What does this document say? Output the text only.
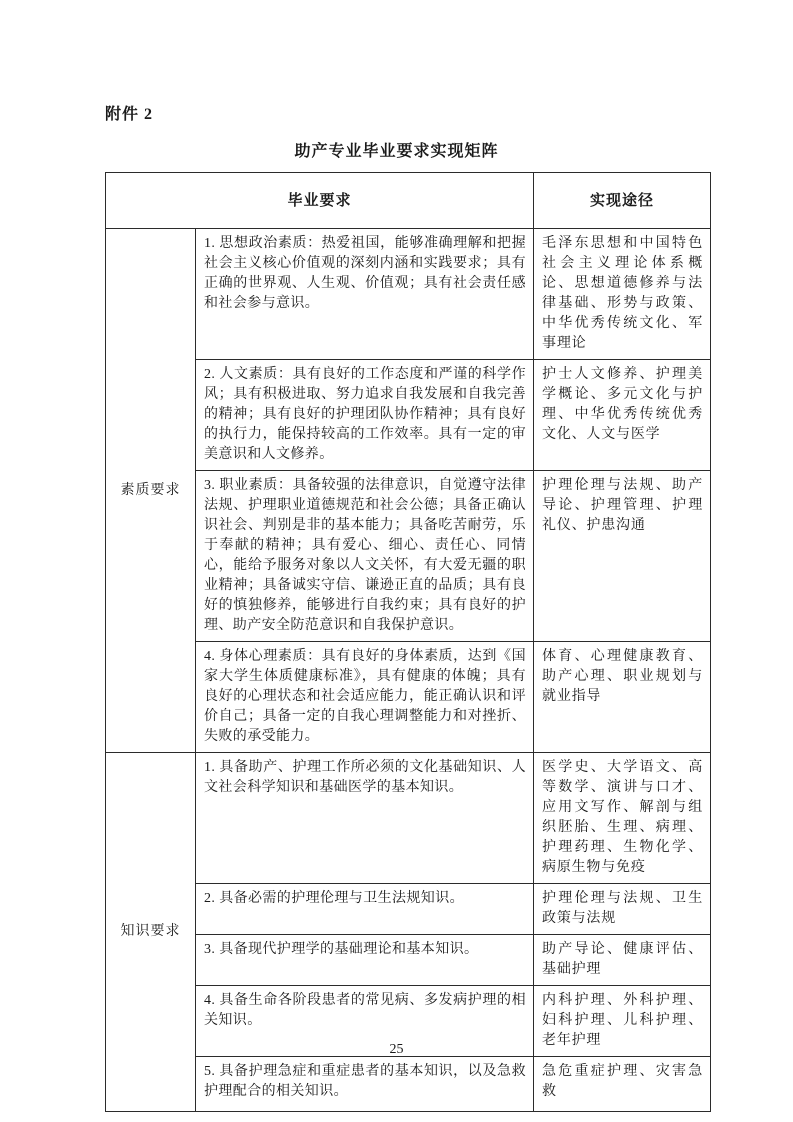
附件 2
助产专业毕业要求实现矩阵
毕业要求		实现途径
素质要求	1. 思想政治素质：热爱祖国，能够准确理解和把握社会主义核心价值观的深刻内涵和实践要求；具有正确的世界观、人生观、价值观；具有社会责任感和社会参与意识。	毛泽东思想和中国特色社会主义理论体系概论、思想道德修养与法律基础、形势与政策、中华优秀传统文化、军事理论
	2. 人文素质：具有良好的工作态度和严谨的科学作风；具有积极进取、努力追求自我发展和自我完善的精神；具有良好的护理团队协作精神；具有良好的执行力，能保持较高的工作效率。具有一定的审美意识和人文修养。	护士人文修养、护理美学概论、多元文化与护理、中华优秀传统优秀文化、人文与医学
	3. 职业素质：具备较强的法律意识，自觉遵守法律法规、护理职业道德规范和社会公德；具备正确认识社会、判别是非的基本能力；具备吃苦耐劳，乐于奉献的精神；具有爱心、细心、责任心、同情心，能给予服务对象以人文关怀，有大爱无疆的职业精神；具备诚实守信、谦逊正直的品质；具有良好的慎独修养，能够进行自我约束；具有良好的护理、助产安全防范意识和自我保护意识。	护理伦理与法规、助产导论、护理管理、护理礼仪、护患沟通
	4. 身体心理素质：具有良好的身体素质，达到《国家大学生体质健康标准》，具有健康的体魄；具有良好的心理状态和社会适应能力，能正确认识和评价自己；具备一定的自我心理调整能力和对挫折、失败的承受能力。	体育、心理健康教育、助产心理、职业规划与就业指导
知识要求	1. 具备助产、护理工作所必须的文化基础知识、人文社会科学知识和基础医学的基本知识。	医学史、大学语文、高等数学、演讲与口才、应用文写作、解剖与组织胚胎、生理、病理、护理药理、生物化学、病原生物与免疫
	2. 具备必需的护理伦理与卫生法规知识。	护理伦理与法规、卫生政策与法规
	3. 具备现代护理学的基础理论和基本知识。	助产导论、健康评估、基础护理
	4. 具备生命各阶段患者的常见病、多发病护理的相关知识。	内科护理、外科护理、妇科护理、儿科护理、老年护理
	5. 具备护理急症和重症患者的基本知识，以及急救护理配合的相关知识。	急危重症护理、灾害急救
25
